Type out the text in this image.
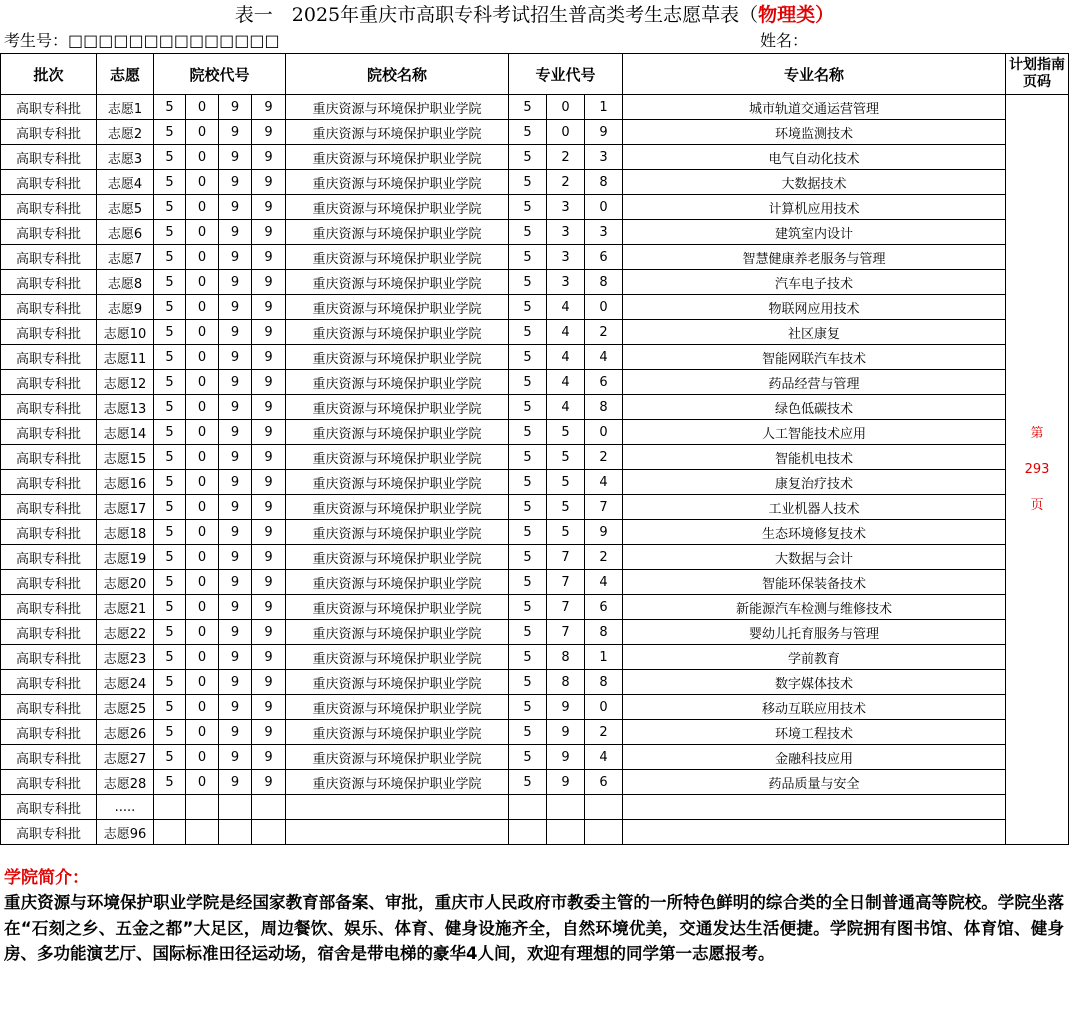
表一　2025年重庆市高职专科考试招生普高类考生志愿草表（物理类）
考生号：□□□□□□□□□□□□□□	姓名：
批次	志愿	院校代号				院校名称	专业代号			专业名称	计划指南页码
高职专科批	志愿1	5	0	9	9	重庆资源与环境保护职业学院	5	0	1	城市轨道交通运营管理	第
293
页

高职专科批	志愿2	5	0	9	9	重庆资源与环境保护职业学院	5	0	9	环境监测技术	
高职专科批	志愿3	5	0	9	9	重庆资源与环境保护职业学院	5	2	3	电气自动化技术	
高职专科批	志愿4	5	0	9	9	重庆资源与环境保护职业学院	5	2	8	大数据技术	
高职专科批	志愿5	5	0	9	9	重庆资源与环境保护职业学院	5	3	0	计算机应用技术	
高职专科批	志愿6	5	0	9	9	重庆资源与环境保护职业学院	5	3	3	建筑室内设计	
高职专科批	志愿7	5	0	9	9	重庆资源与环境保护职业学院	5	3	6	智慧健康养老服务与管理	
高职专科批	志愿8	5	0	9	9	重庆资源与环境保护职业学院	5	3	8	汽车电子技术	
高职专科批	志愿9	5	0	9	9	重庆资源与环境保护职业学院	5	4	0	物联网应用技术	
高职专科批	志愿10	5	0	9	9	重庆资源与环境保护职业学院	5	4	2	社区康复	
高职专科批	志愿11	5	0	9	9	重庆资源与环境保护职业学院	5	4	4	智能网联汽车技术	
高职专科批	志愿12	5	0	9	9	重庆资源与环境保护职业学院	5	4	6	药品经营与管理	
高职专科批	志愿13	5	0	9	9	重庆资源与环境保护职业学院	5	4	8	绿色低碳技术	
高职专科批	志愿14	5	0	9	9	重庆资源与环境保护职业学院	5	5	0	人工智能技术应用	
高职专科批	志愿15	5	0	9	9	重庆资源与环境保护职业学院	5	5	2	智能机电技术	
高职专科批	志愿16	5	0	9	9	重庆资源与环境保护职业学院	5	5	4	康复治疗技术	
高职专科批	志愿17	5	0	9	9	重庆资源与环境保护职业学院	5	5	7	工业机器人技术	
高职专科批	志愿18	5	0	9	9	重庆资源与环境保护职业学院	5	5	9	生态环境修复技术	
高职专科批	志愿19	5	0	9	9	重庆资源与环境保护职业学院	5	7	2	大数据与会计	
高职专科批	志愿20	5	0	9	9	重庆资源与环境保护职业学院	5	7	4	智能环保装备技术	
高职专科批	志愿21	5	0	9	9	重庆资源与环境保护职业学院	5	7	6	新能源汽车检测与维修技术	
高职专科批	志愿22	5	0	9	9	重庆资源与环境保护职业学院	5	7	8	婴幼儿托育服务与管理	
高职专科批	志愿23	5	0	9	9	重庆资源与环境保护职业学院	5	8	1	学前教育	
高职专科批	志愿24	5	0	9	9	重庆资源与环境保护职业学院	5	8	8	数字媒体技术	
高职专科批	志愿25	5	0	9	9	重庆资源与环境保护职业学院	5	9	0	移动互联应用技术	
高职专科批	志愿26	5	0	9	9	重庆资源与环境保护职业学院	5	9	2	环境工程技术	
高职专科批	志愿27	5	0	9	9	重庆资源与环境保护职业学院	5	9	4	金融科技应用	
高职专科批	志愿28	5	0	9	9	重庆资源与环境保护职业学院	5	9	6	药品质量与安全	
高职专科批	.....										
高职专科批	志愿96										
学院简介：
重庆资源与环境保护职业学院是经国家教育部备案、审批，重庆市人民政府市教委主管的一所特色鲜明的综合类的全日制普通高等院校。学院坐落在“石刻之乡、五金之都”大足区，周边餐饮、娱乐、体育、健身设施齐全，自然环境优美，交通发达生活便捷。学院拥有图书馆、体育馆、健身房、多功能演艺厅、国际标准田径运动场，宿舍是带电梯的豪华4人间，欢迎有理想的同学第一志愿报考。
